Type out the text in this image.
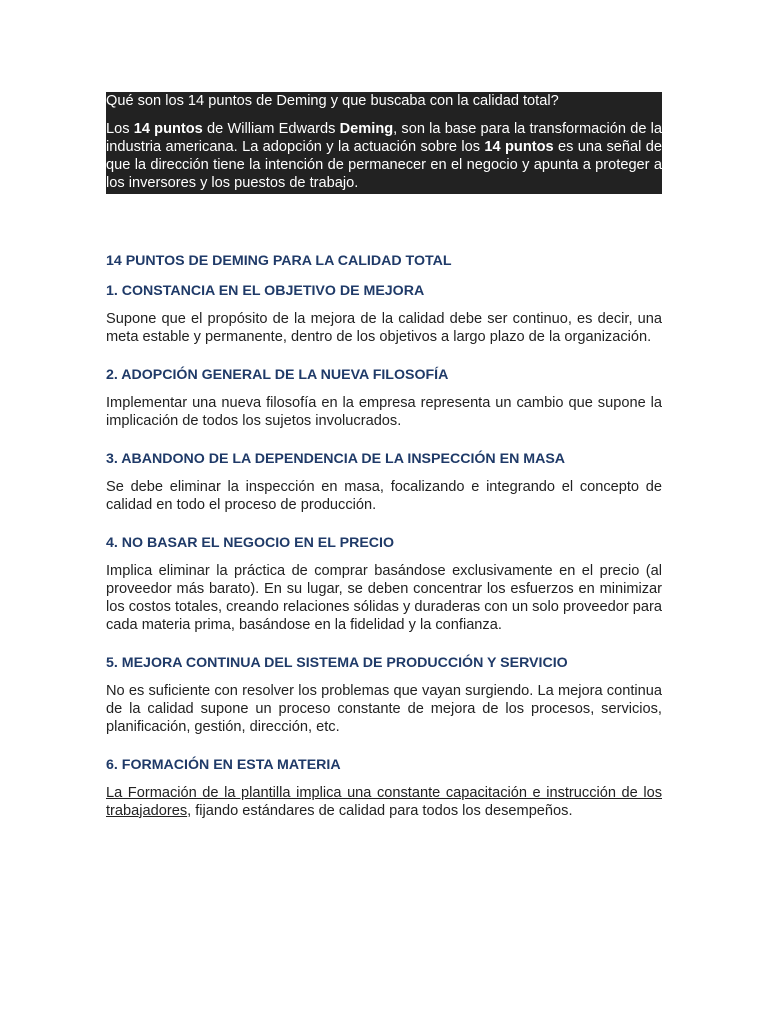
Qué son los 14 puntos de Deming y que buscaba con la calidad total?

Los 14 puntos de William Edwards Deming, son la base para la transformación de la industria americana. La adopción y la actuación sobre los 14 puntos es una señal de que la dirección tiene la intención de permanecer en el negocio y apunta a proteger a los inversores y los puestos de trabajo.

14 PUNTOS DE DEMING PARA LA CALIDAD TOTAL
1. CONSTANCIA EN EL OBJETIVO DE MEJORA

Supone que el propósito de la mejora de la calidad debe ser continuo, es decir, una meta estable y permanente, dentro de los objetivos a largo plazo de la organización.

2. ADOPCIÓN GENERAL DE LA NUEVA FILOSOFÍA

Implementar una nueva filosofía en la empresa representa un cambio que supone la implicación de todos los sujetos involucrados.

3. ABANDONO DE LA DEPENDENCIA DE LA INSPECCIÓN EN MASA

Se debe eliminar la inspección en masa, focalizando e integrando el concepto de calidad en todo el proceso de producción.

4. NO BASAR EL NEGOCIO EN EL PRECIO

Implica eliminar la práctica de comprar basándose exclusivamente en el precio (al proveedor más barato). En su lugar, se deben concentrar los esfuerzos en minimizar los costos totales, creando relaciones sólidas y duraderas con un solo proveedor para cada materia prima, basándose en la fidelidad y la confianza.

5. MEJORA CONTINUA DEL SISTEMA DE PRODUCCIÓN Y SERVICIO

No es suficiente con resolver los problemas que vayan surgiendo. La mejora continua de la calidad supone un proceso constante de mejora de los procesos, servicios, planificación, gestión, dirección, etc.

6. FORMACIÓN EN ESTA MATERIA

La Formación de la plantilla implica una constante capacitación e instrucción de los trabajadores, fijando estándares de calidad para todos los desempeños.
